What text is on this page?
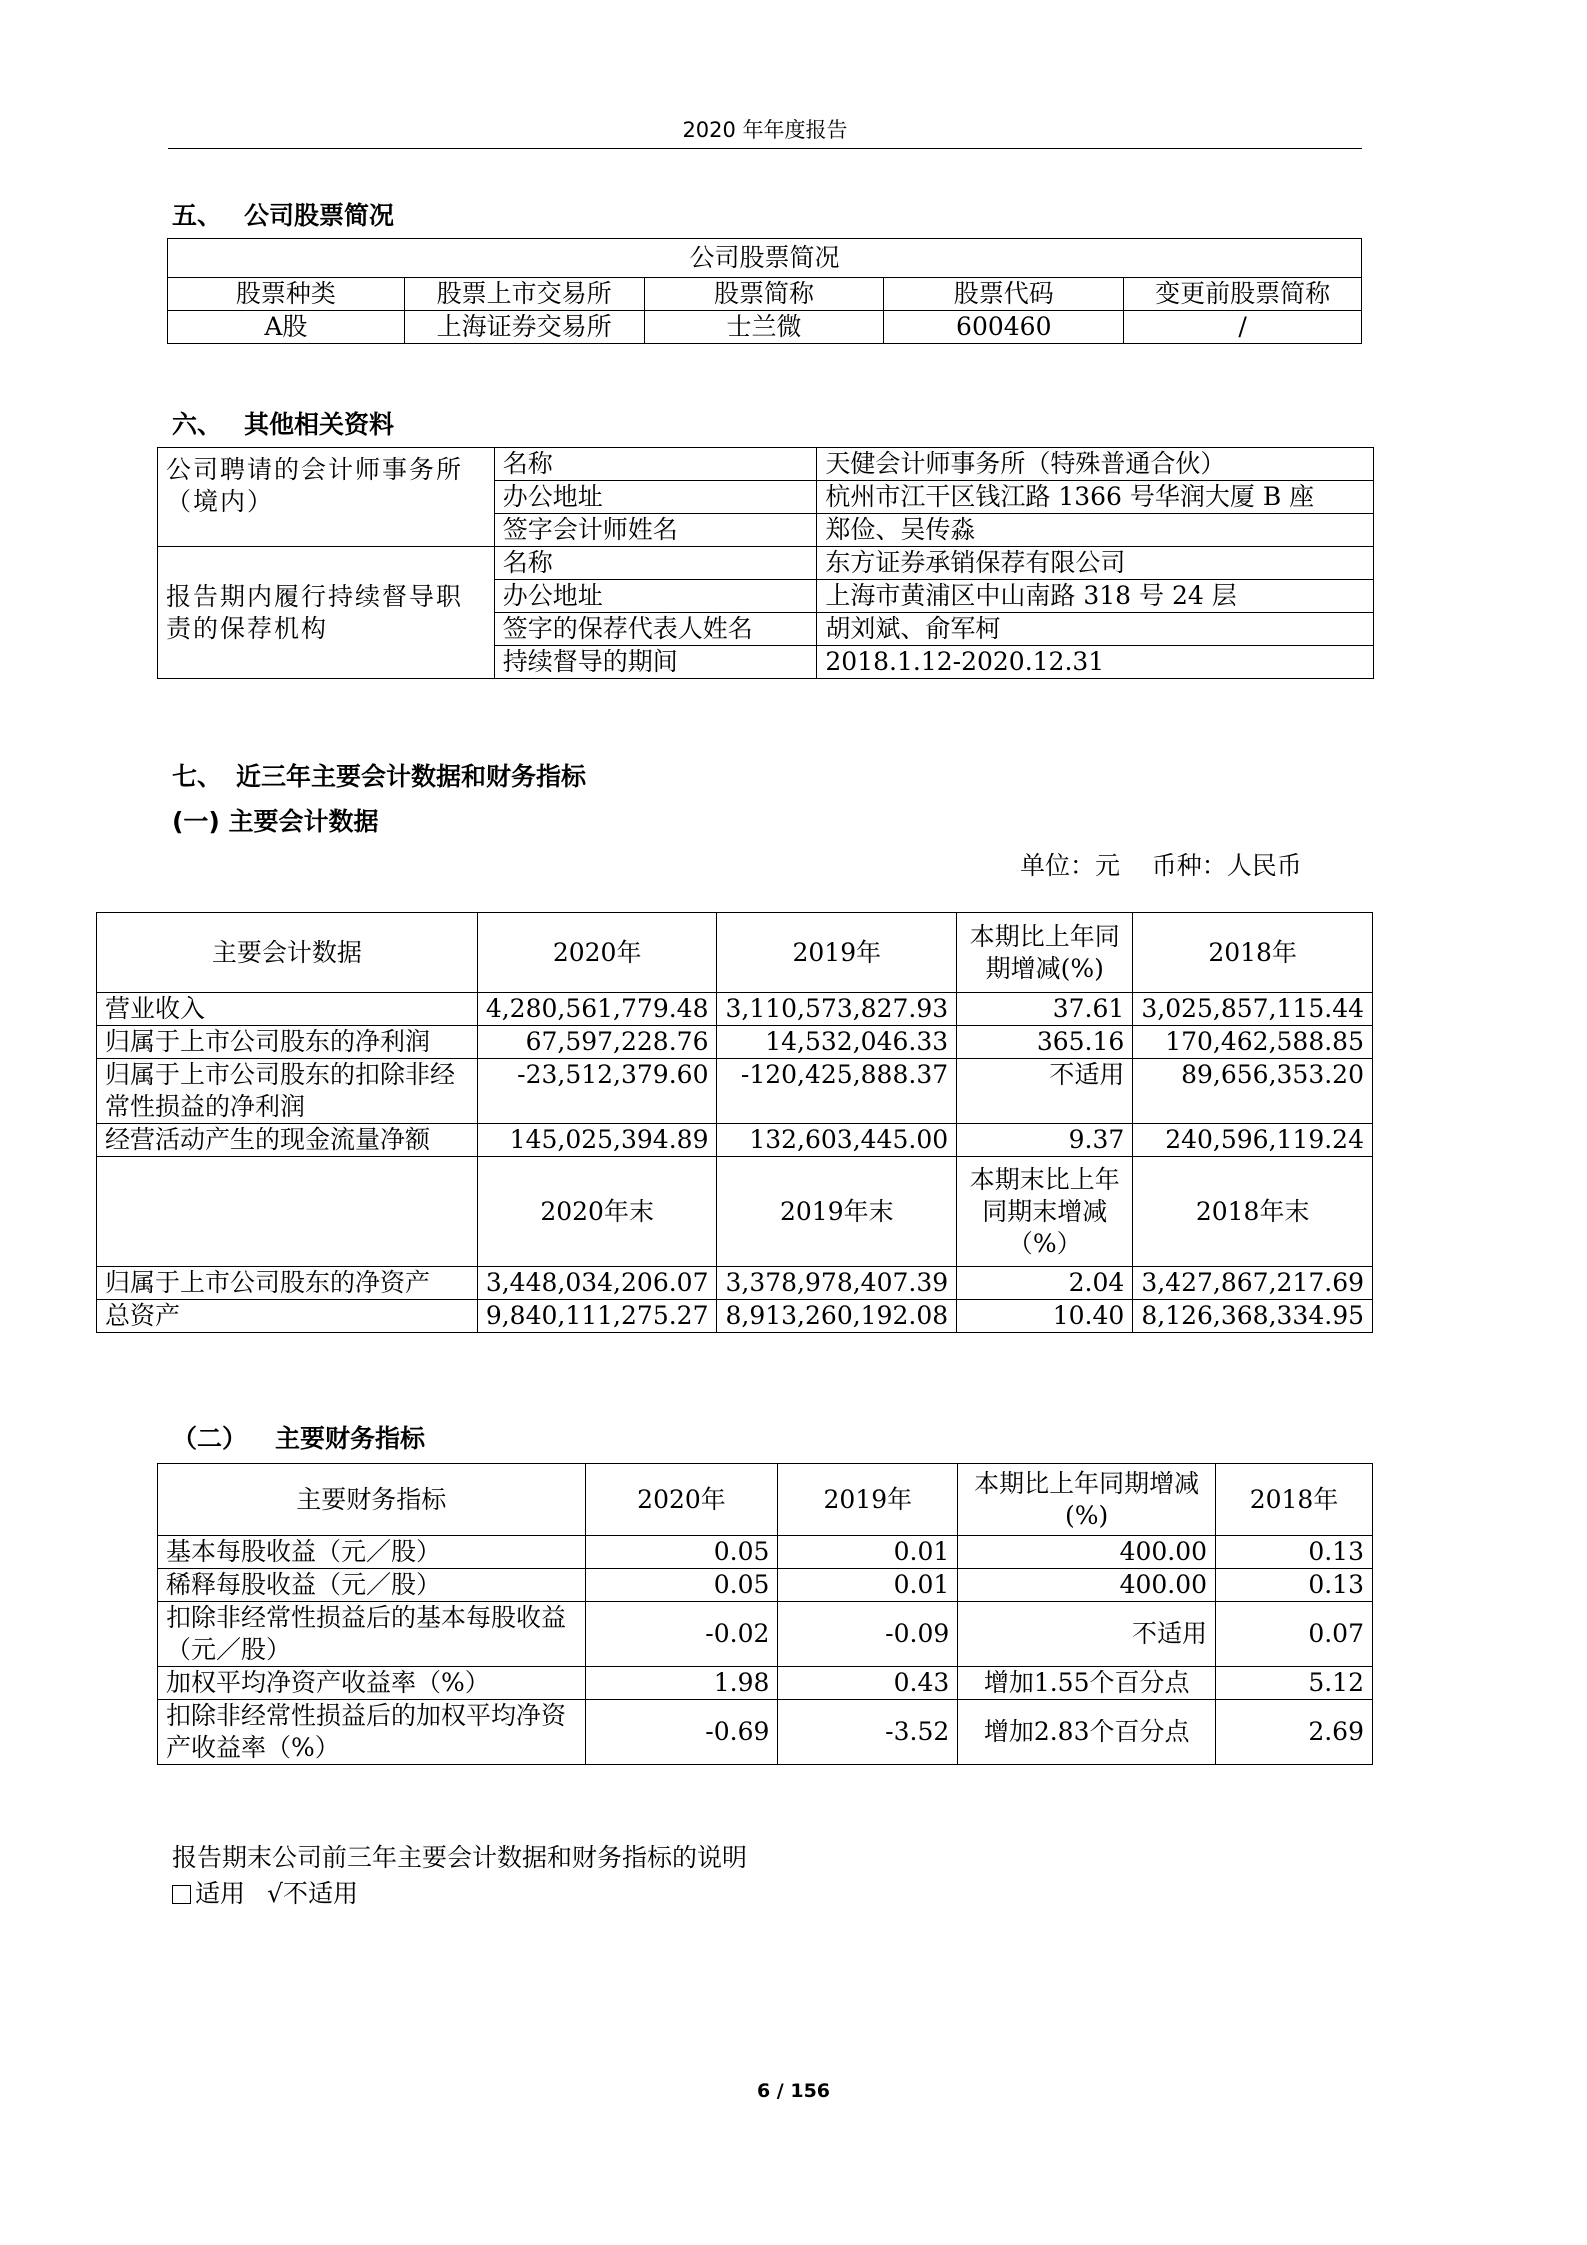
2020 年年度报告
五、 公司股票简况
公司股票简况				
股票种类	股票上市交易所	股票简称	股票代码	变更前股票简称
A股	上海证券交易所	士兰微	600460	/
六、 其他相关资料
公司聘请的会计师事务所（境内）	名称	天健会计师事务所（特殊普通合伙）
	办公地址	杭州市江干区钱江路 1366 号华润大厦 B 座
	签字会计师姓名	郑俭、吴传淼
报告期内履行持续督导职责的保荐机构	名称	东方证券承销保荐有限公司
	办公地址	上海市黄浦区中山南路 318 号 24 层
	签字的保荐代表人姓名	胡刘斌、俞军柯
	持续督导的期间	2018.1.12-2020.12.31
七、 近三年主要会计数据和财务指标
(一) 主要会计数据
单位：元    币种：人民币
主要会计数据	2020年	2019年	本期比上年同期增减(%)	2018年
营业收入	4,280,561,779.48	3,110,573,827.93	37.61	3,025,857,115.44
归属于上市公司股东的净利润	67,597,228.76	14,532,046.33	365.16	170,462,588.85
归属于上市公司股东的扣除非经常性损益的净利润	-23,512,379.60	-120,425,888.37	不适用	89,656,353.20
经营活动产生的现金流量净额	145,025,394.89	132,603,445.00	9.37	240,596,119.24
	2020年末	2019年末	本期末比上年同期末增减（%）	2018年末
归属于上市公司股东的净资产	3,448,034,206.07	3,378,978,407.39	2.04	3,427,867,217.69
总资产	9,840,111,275.27	8,913,260,192.08	10.40	8,126,368,334.95
（二） 主要财务指标
主要财务指标	2020年	2019年	本期比上年同期增减(%)	2018年
基本每股收益（元／股）	0.05	0.01	400.00	0.13
稀释每股收益（元／股）	0.05	0.01	400.00	0.13
扣除非经常性损益后的基本每股收益（元／股）	-0.02	-0.09	不适用	0.07
加权平均净资产收益率（%）	1.98	0.43	增加1.55个百分点	5.12
扣除非经常性损益后的加权平均净资产收益率（%）	-0.69	-3.52	增加2.83个百分点	2.69
报告期末公司前三年主要会计数据和财务指标的说明
适用 √不适用
6 / 156
